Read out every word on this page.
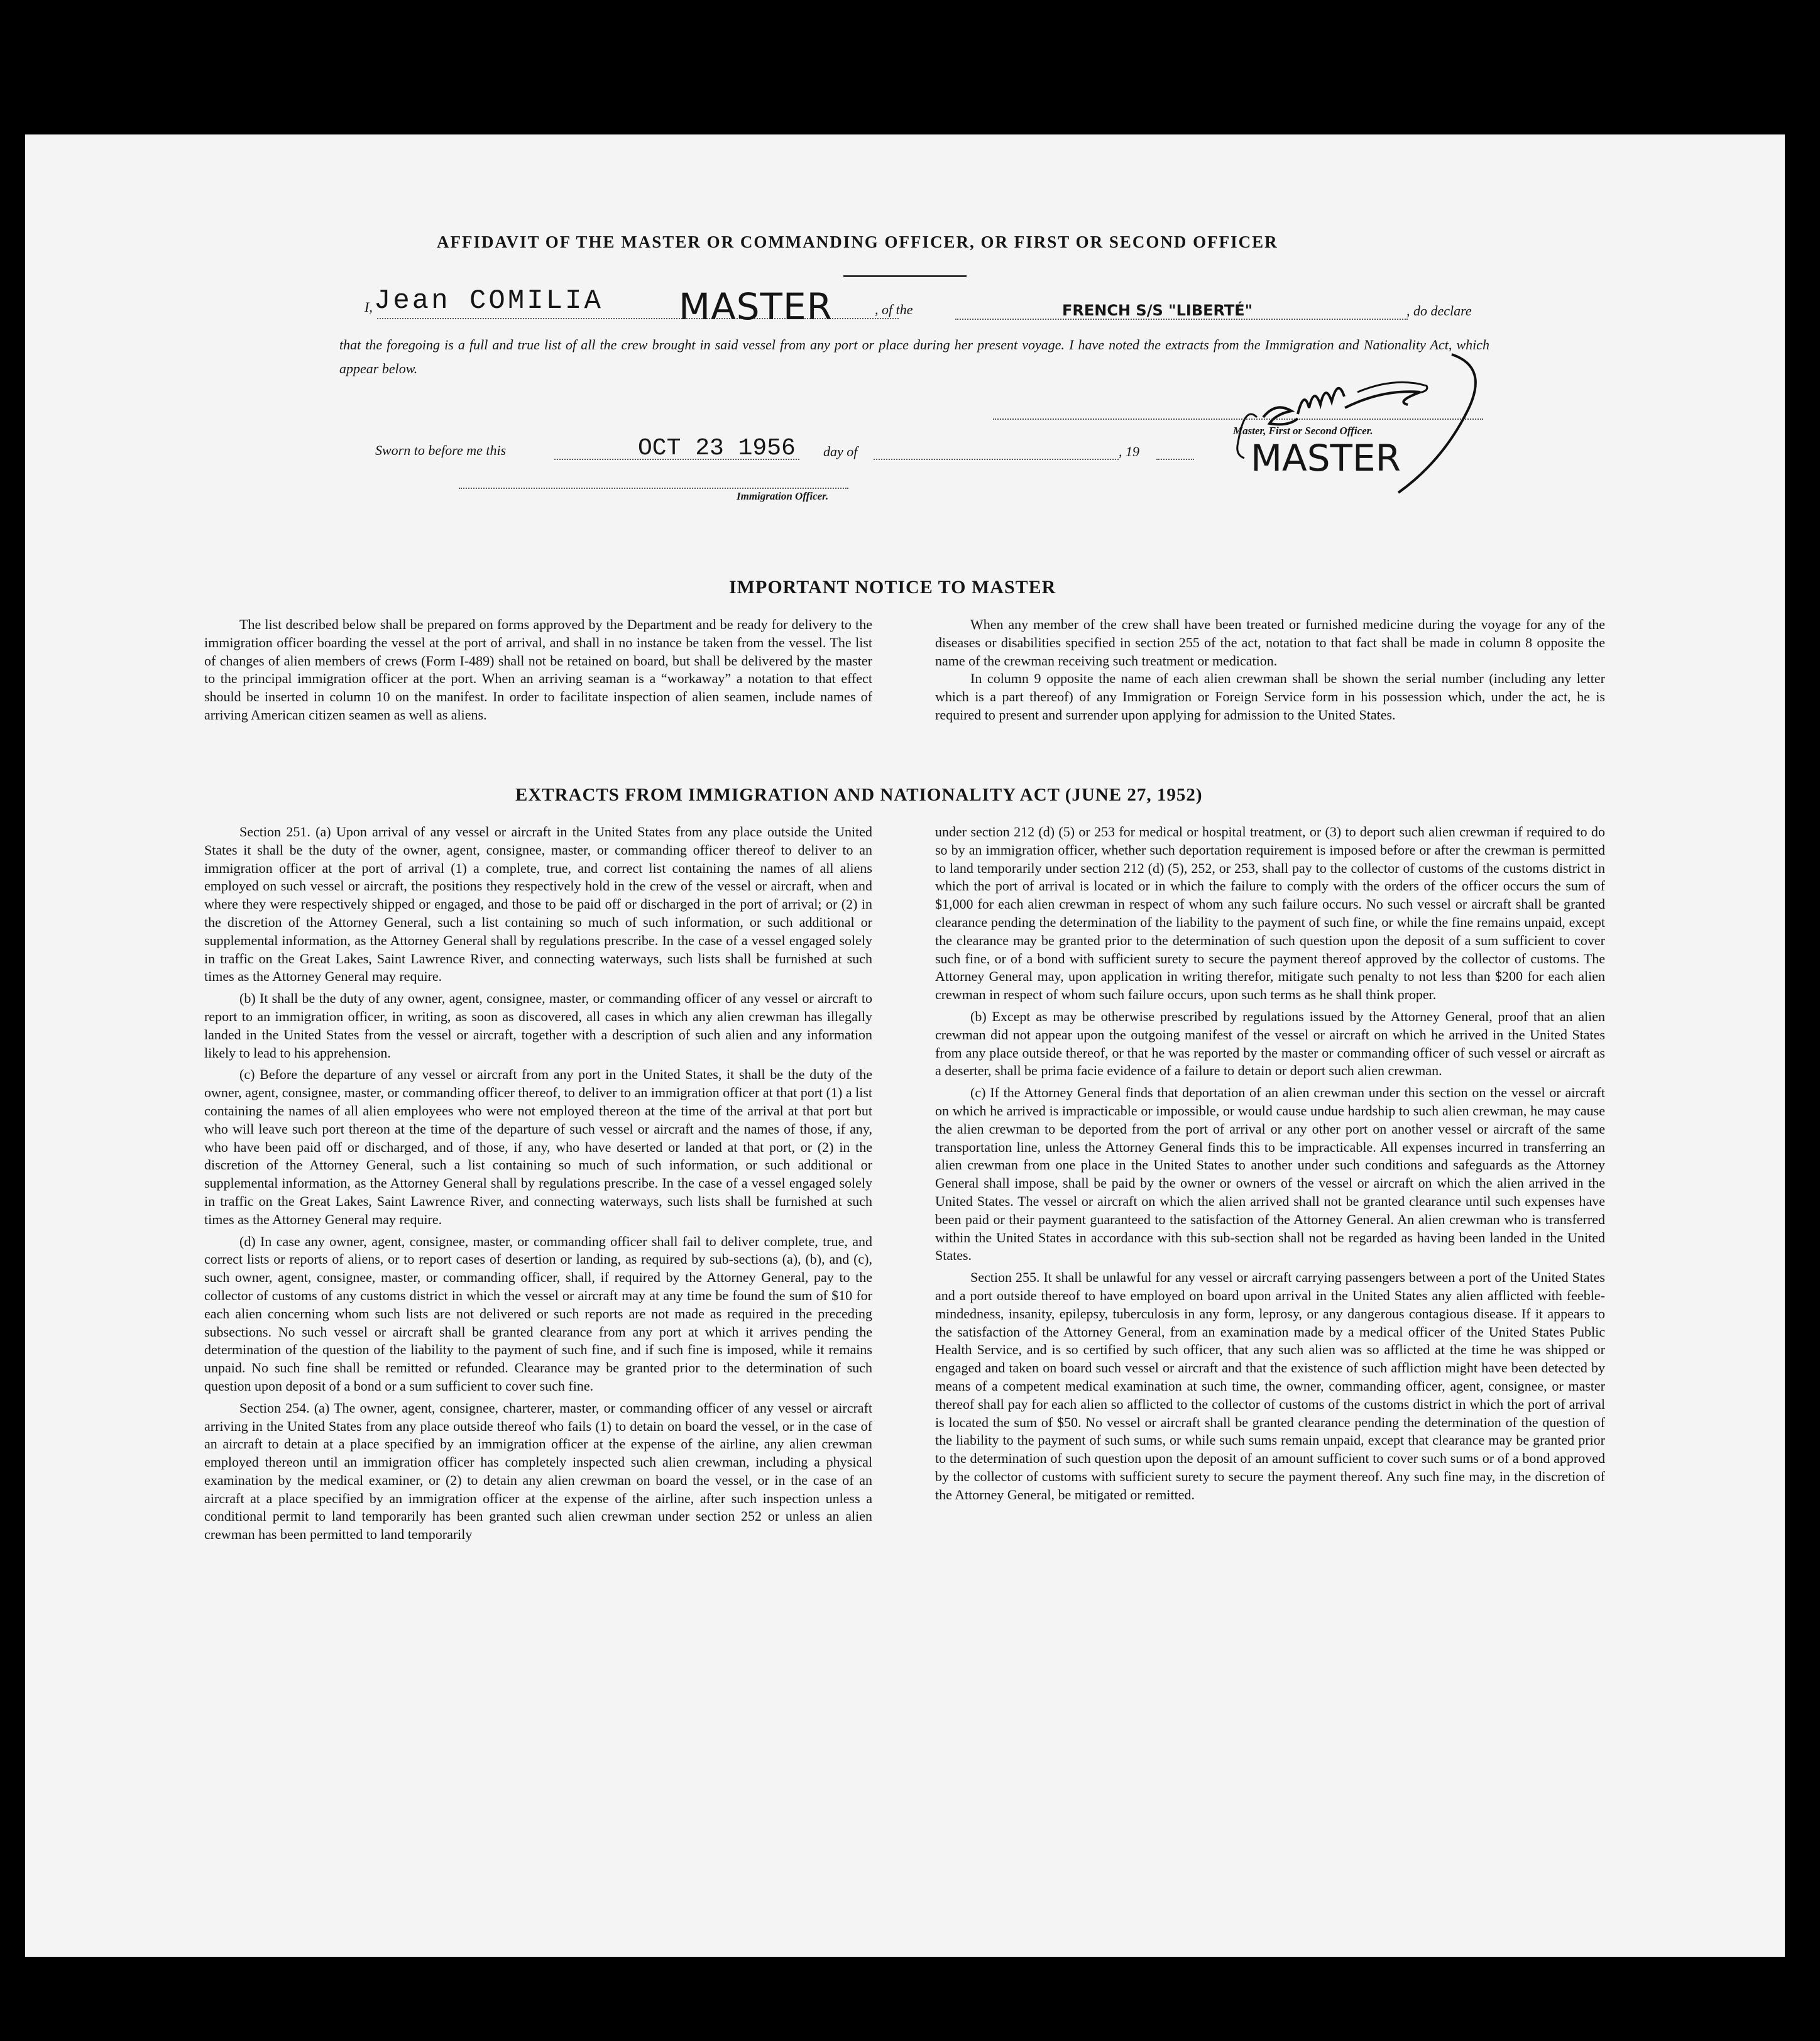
AFFIDAVIT OF THE MASTER OR COMMANDING OFFICER, OR FIRST OR SECOND OFFICER
I, Jean COMILIA MASTER	, of the	FRENCH S/S "LIBERTÉ"	, do declare
that the foregoing is a full and true list of all the crew brought in said vessel from any port or place during her present voyage. I have noted the extracts from the Immigration and Nationality Act, which appear below.
Master, First or Second Officer.
MASTER
Sworn to before me this	OCT 23 1956 day of	, 19
Immigration Officer.
IMPORTANT NOTICE TO MASTER

The list described below shall be prepared on forms approved by the Department and be ready for delivery to the immigration officer boarding the vessel at the port of arrival, and shall in no instance be taken from the vessel. The list of changes of alien members of crews (Form I-489) shall not be retained on board, but shall be delivered by the master to the principal immigration officer at the port. When an arriving seaman is a “workaway” a notation to that effect should be inserted in column 10 on the manifest. In order to facilitate inspection of alien seamen, include names of arriving American citizen seamen as well as aliens.

When any member of the crew shall have been treated or furnished medicine during the voyage for any of the diseases or disabilities specified in section 255 of the act, notation to that fact shall be made in column 8 opposite the name of the crewman receiving such treatment or medication.

In column 9 opposite the name of each alien crewman shall be shown the serial number (including any letter which is a part thereof) of any Immigration or Foreign Service form in his possession which, under the act, he is required to present and surrender upon applying for admission to the United States.

EXTRACTS FROM IMMIGRATION AND NATIONALITY ACT (JUNE 27, 1952)

Section 251. (a) Upon arrival of any vessel or aircraft in the United States from any place outside the United States it shall be the duty of the owner, agent, consignee, master, or commanding officer thereof to deliver to an immigration officer at the port of arrival (1) a complete, true, and correct list containing the names of all aliens employed on such vessel or aircraft, the positions they respectively hold in the crew of the vessel or aircraft, when and where they were respectively shipped or engaged, and those to be paid off or discharged in the port of arrival; or (2) in the discretion of the Attorney General, such a list containing so much of such information, or such additional or supplemental information, as the Attorney General shall by regulations prescribe. In the case of a vessel engaged solely in traffic on the Great Lakes, Saint Lawrence River, and connecting waterways, such lists shall be furnished at such times as the Attorney General may require.

(b) It shall be the duty of any owner, agent, consignee, master, or commanding officer of any vessel or aircraft to report to an immigration officer, in writing, as soon as discovered, all cases in which any alien crewman has illegally landed in the United States from the vessel or aircraft, together with a description of such alien and any information likely to lead to his apprehension.

(c) Before the departure of any vessel or aircraft from any port in the United States, it shall be the duty of the owner, agent, consignee, master, or commanding officer thereof, to deliver to an immigration officer at that port (1) a list containing the names of all alien employees who were not employed thereon at the time of the arrival at that port but who will leave such port thereon at the time of the departure of such vessel or aircraft and the names of those, if any, who have been paid off or discharged, and of those, if any, who have deserted or landed at that port, or (2) in the discretion of the Attorney General, such a list containing so much of such information, or such additional or supplemental information, as the Attorney General shall by regulations prescribe. In the case of a vessel engaged solely in traffic on the Great Lakes, Saint Lawrence River, and connecting waterways, such lists shall be furnished at such times as the Attorney General may require.

(d) In case any owner, agent, consignee, master, or commanding officer shall fail to deliver complete, true, and correct lists or reports of aliens, or to report cases of desertion or landing, as required by sub-sections (a), (b), and (c), such owner, agent, consignee, master, or commanding officer, shall, if required by the Attorney General, pay to the collector of customs of any customs district in which the vessel or aircraft may at any time be found the sum of $10 for each alien concerning whom such lists are not delivered or such reports are not made as required in the preceding subsections. No such vessel or aircraft shall be granted clearance from any port at which it arrives pending the determination of the question of the liability to the payment of such fine, and if such fine is imposed, while it remains unpaid. No such fine shall be remitted or refunded. Clearance may be granted prior to the determination of such question upon deposit of a bond or a sum sufficient to cover such fine.

Section 254. (a) The owner, agent, consignee, charterer, master, or commanding officer of any vessel or aircraft arriving in the United States from any place outside thereof who fails (1) to detain on board the vessel, or in the case of an aircraft to detain at a place specified by an immigration officer at the expense of the airline, any alien crewman employed thereon until an immigration officer has completely inspected such alien crewman, including a physical examination by the medical examiner, or (2) to detain any alien crewman on board the vessel, or in the case of an aircraft at a place specified by an immigration officer at the expense of the airline, after such inspection unless a conditional permit to land temporarily has been granted such alien crewman under section 252 or unless an alien crewman has been permitted to land temporarily

under section 212 (d) (5) or 253 for medical or hospital treatment, or (3) to deport such alien crewman if required to do so by an immigration officer, whether such deportation requirement is imposed before or after the crewman is permitted to land temporarily under section 212 (d) (5), 252, or 253, shall pay to the collector of customs of the customs district in which the port of arrival is located or in which the failure to comply with the orders of the officer occurs the sum of $1,000 for each alien crewman in respect of whom any such failure occurs. No such vessel or aircraft shall be granted clearance pending the determination of the liability to the payment of such fine, or while the fine remains unpaid, except the clearance may be granted prior to the determination of such question upon the deposit of a sum sufficient to cover such fine, or of a bond with sufficient surety to secure the payment thereof approved by the collector of customs. The Attorney General may, upon application in writing therefor, mitigate such penalty to not less than $200 for each alien crewman in respect of whom such failure occurs, upon such terms as he shall think proper.

(b) Except as may be otherwise prescribed by regulations issued by the Attorney General, proof that an alien crewman did not appear upon the outgoing manifest of the vessel or aircraft on which he arrived in the United States from any place outside thereof, or that he was reported by the master or commanding officer of such vessel or aircraft as a deserter, shall be prima facie evidence of a failure to detain or deport such alien crewman.

(c) If the Attorney General finds that deportation of an alien crewman under this section on the vessel or aircraft on which he arrived is impracticable or impossible, or would cause undue hardship to such alien crewman, he may cause the alien crewman to be deported from the port of arrival or any other port on another vessel or aircraft of the same transportation line, unless the Attorney General finds this to be impracticable. All expenses incurred in transferring an alien crewman from one place in the United States to another under such conditions and safeguards as the Attorney General shall impose, shall be paid by the owner or owners of the vessel or aircraft on which the alien arrived in the United States. The vessel or aircraft on which the alien arrived shall not be granted clearance until such expenses have been paid or their payment guaranteed to the satisfaction of the Attorney General. An alien crewman who is transferred within the United States in accordance with this sub-section shall not be regarded as having been landed in the United States.

Section 255. It shall be unlawful for any vessel or aircraft carrying passengers between a port of the United States and a port outside thereof to have employed on board upon arrival in the United States any alien afflicted with feeble-mindedness, insanity, epilepsy, tuberculosis in any form, leprosy, or any dangerous contagious disease. If it appears to the satisfaction of the Attorney General, from an examination made by a medical officer of the United States Public Health Service, and is so certified by such officer, that any such alien was so afflicted at the time he was shipped or engaged and taken on board such vessel or aircraft and that the existence of such affliction might have been detected by means of a competent medical examination at such time, the owner, commanding officer, agent, consignee, or master thereof shall pay for each alien so afflicted to the collector of customs of the customs district in which the port of arrival is located the sum of $50. No vessel or aircraft shall be granted clearance pending the determination of the question of the liability to the payment of such sums, or while such sums remain unpaid, except that clearance may be granted prior to the determination of such question upon the deposit of an amount sufficient to cover such sums or of a bond approved by the collector of customs with sufficient surety to secure the payment thereof. Any such fine may, in the discretion of the Attorney General, be mitigated or remitted.
